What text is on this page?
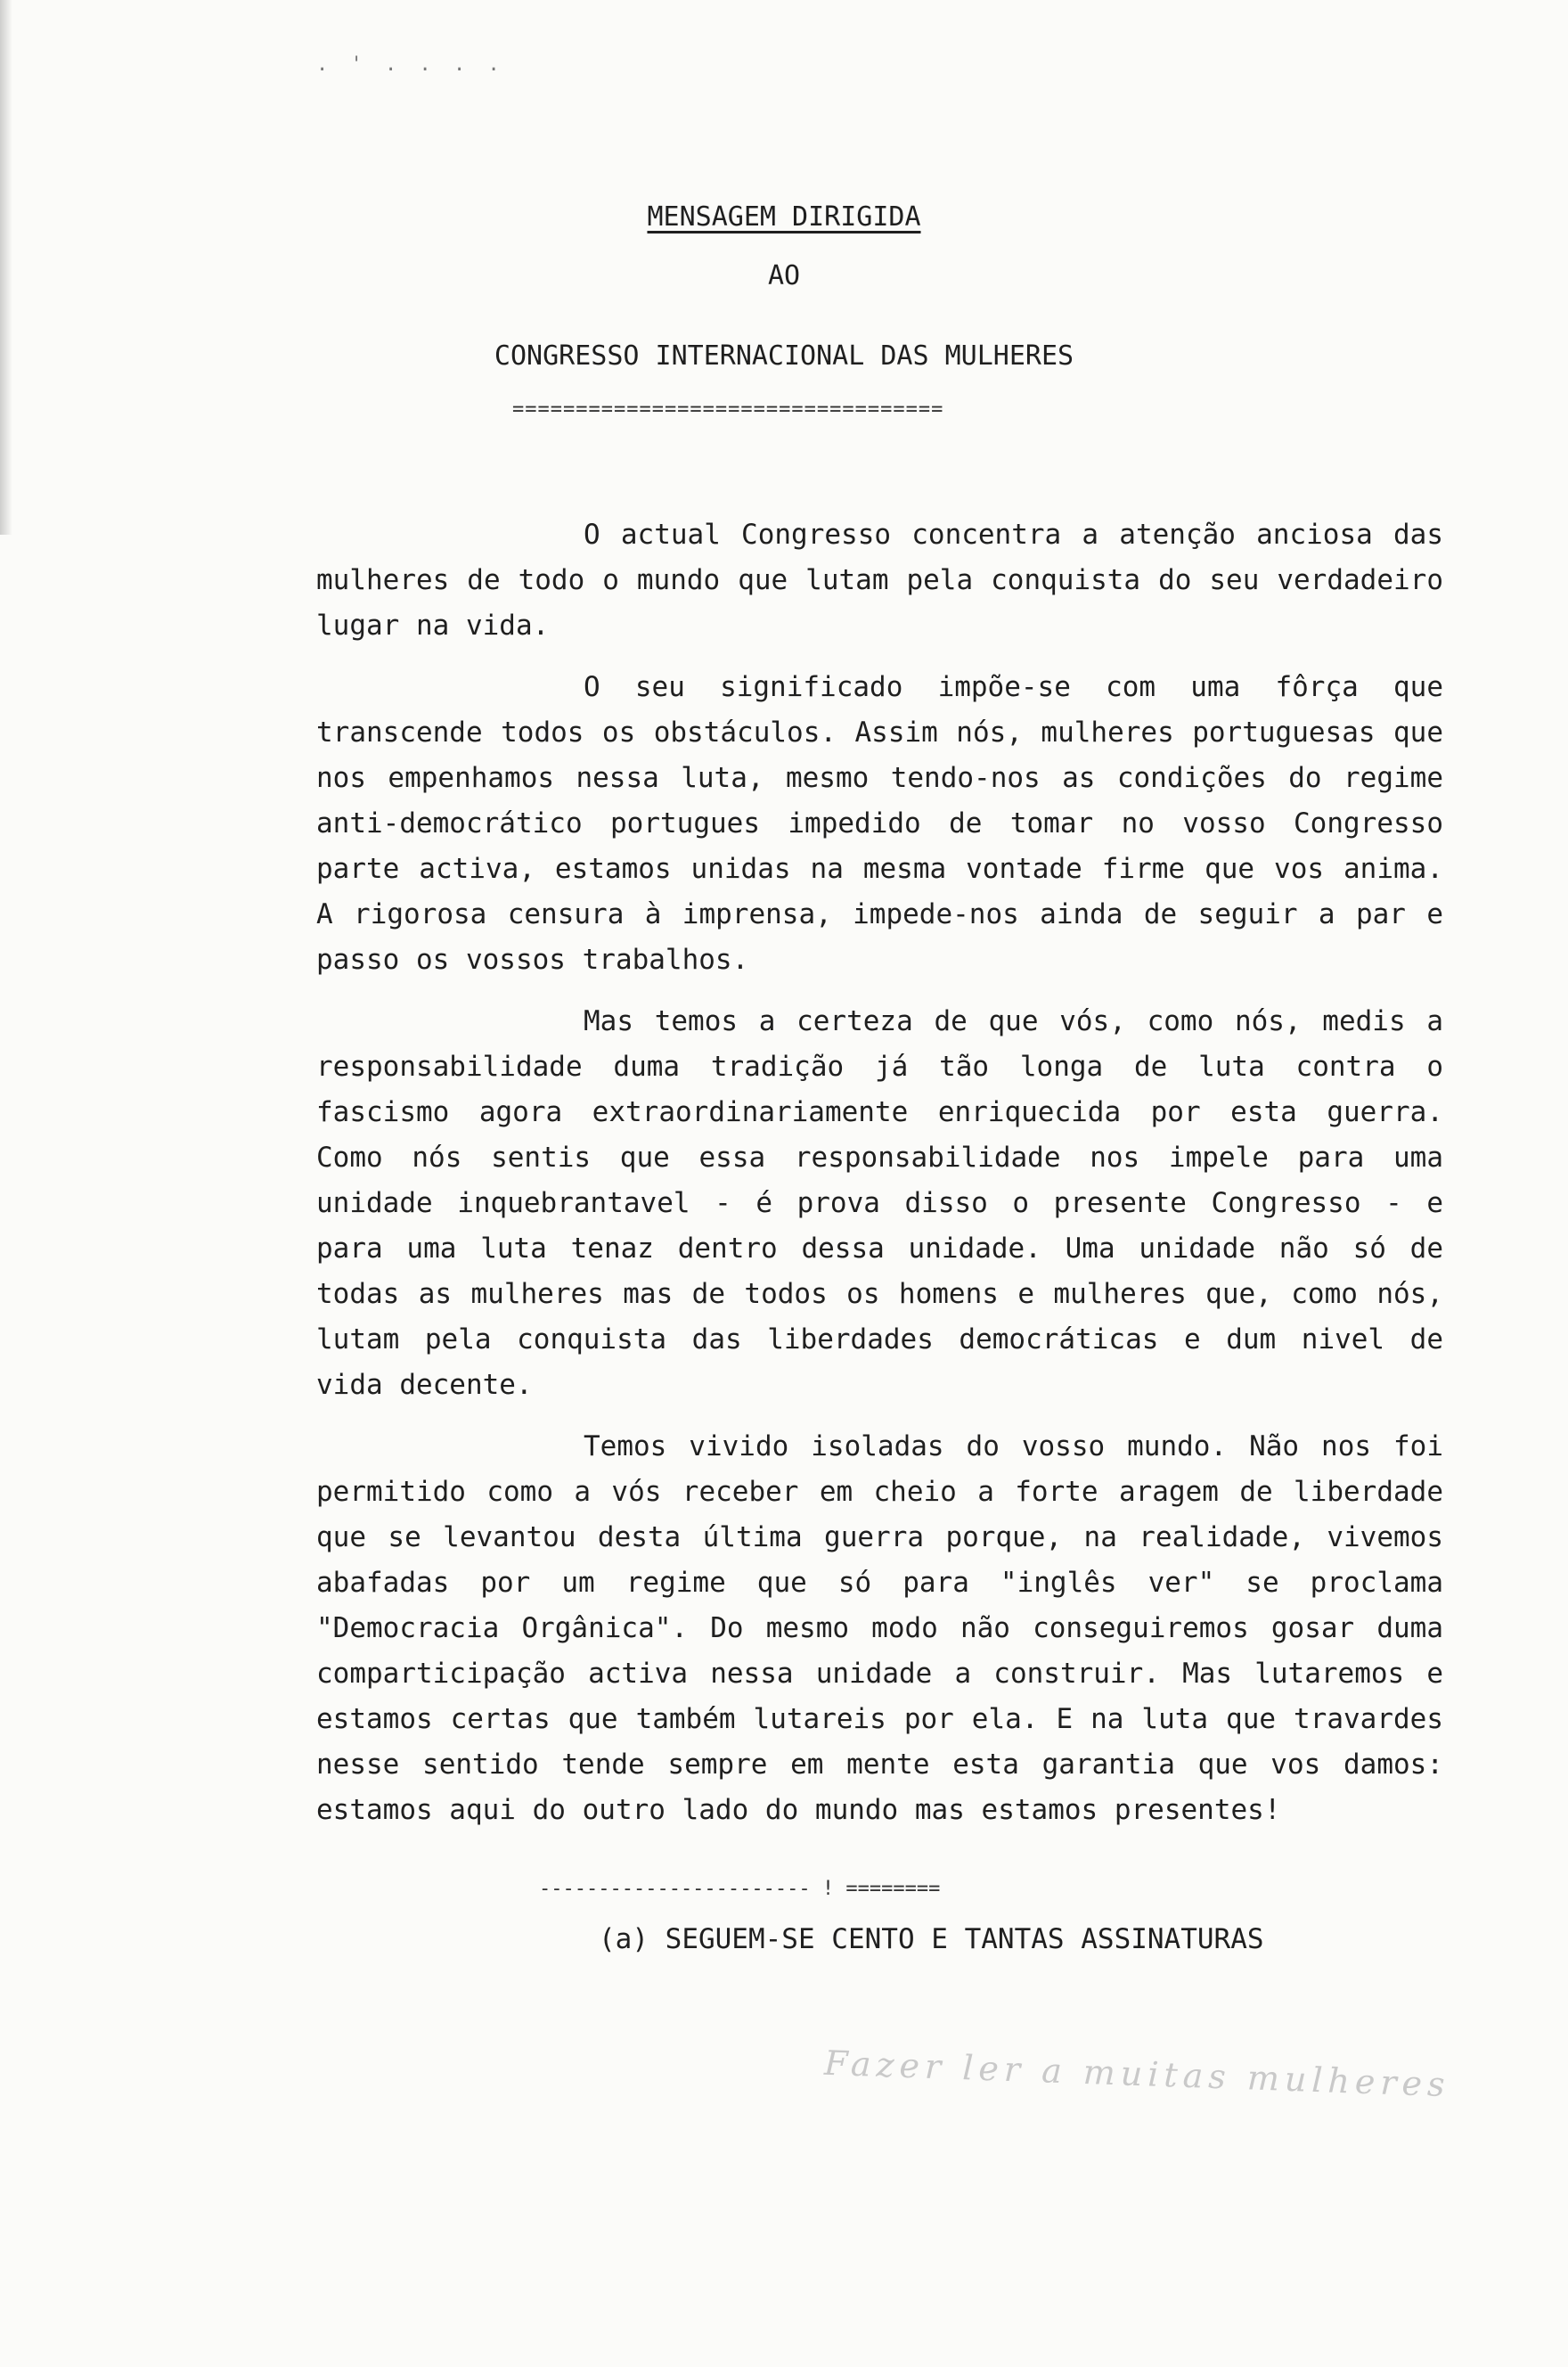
. ' . . . .
MENSAGEM DIRIGIDA
AO
CONGRESSO INTERNACIONAL DAS MULHERES
==================================

O actual Congresso concentra a atenção anciosa das mulheres de todo o mundo que lutam pela conquista do seu verdadeiro lugar na vida.

O seu significado impõe-se com uma fôrça que transcende todos os obstáculos. Assim nós, mulheres portuguesas que nos empenhamos nessa luta, mesmo tendo-nos as condições do regime anti-democrático portugues impedido de tomar no vosso Congresso parte activa, estamos unidas na mesma vontade firme que vos anima. A rigorosa censura à imprensa, impede-nos ainda de seguir a par e passo os vossos trabalhos.

Mas temos a certeza de que vós, como nós, medis a responsabilidade duma tradição já tão longa de luta contra o fascismo agora extraordinariamente enriquecida por esta guerra. Como nós sentis que essa responsabilidade nos impele para uma unidade inquebrantavel - é prova disso o presente Congresso - e para uma luta tenaz dentro dessa unidade. Uma unidade não só de todas as mulheres mas de todos os homens e mulheres que, como nós, lutam pela conquista das liberdades democráticas e dum nivel de vida decente.

Temos vivido isoladas do vosso mundo. Não nos foi permitido como a vós receber em cheio a forte aragem de liberdade que se levantou desta última guerra porque, na realidade, vivemos abafadas por um regime que só para "inglês ver" se proclama "Democracia Orgânica". Do mesmo modo não conseguiremos gosar duma comparticipação activa nessa unidade a construir. Mas lutaremos e estamos certas que também lutareis por ela. E na luta que travardes nesse sentido tende sempre em mente esta garantia que vos damos: estamos aqui do outro lado do mundo mas estamos presentes!

----------------------- ! ========
(a) SEGUEM-SE CENTO E TANTAS ASSINATURAS
Fazer ler a muitas mulheres
